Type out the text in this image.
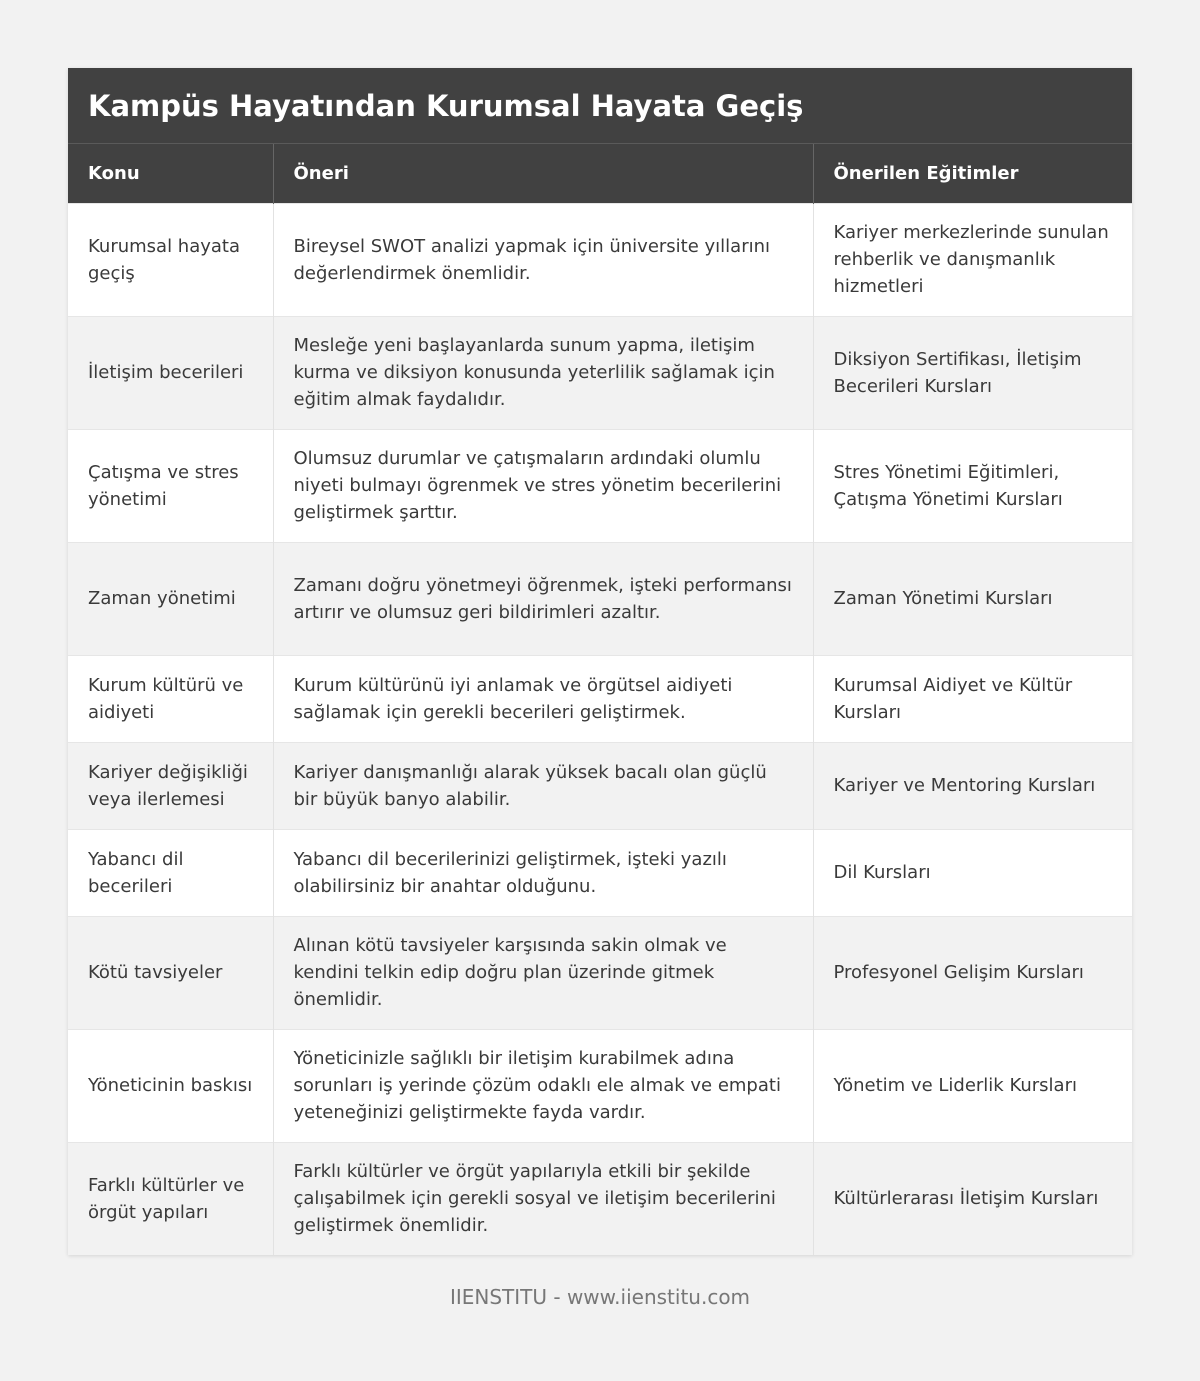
Kampüs Hayatından Kurumsal Hayata Geçiş
Konu	Öneri	Önerilen Eğitimler
Kurumsal hayata geçiş	Bireysel SWOT analizi yapmak için üniversite yıllarını değerlendirmek önemlidir.	Kariyer merkezlerinde sunulan rehberlik ve danışmanlık hizmetleri
İletişim becerileri	Mesleğe yeni başlayanlarda sunum yapma, iletişim kurma ve diksiyon konusunda yeterlilik sağlamak için eğitim almak faydalıdır.	Diksiyon Sertifikası, İletişim Becerileri Kursları
Çatışma ve stres yönetimi	Olumsuz durumlar ve çatışmaların ardındaki olumlu niyeti bulmayı ögrenmek ve stres yönetim becerilerini geliştirmek şarttır.	Stres Yönetimi Eğitimleri, Çatışma Yönetimi Kursları
Zaman yönetimi	Zamanı doğru yönetmeyi öğrenmek, işteki performansı artırır ve olumsuz geri bildirimleri azaltır.	Zaman Yönetimi Kursları
Kurum kültürü ve aidiyeti	Kurum kültürünü iyi anlamak ve örgütsel aidiyeti sağlamak için gerekli becerileri geliştirmek.	Kurumsal Aidiyet ve Kültür Kursları
Kariyer değişikliği veya ilerlemesi	Kariyer danışmanlığı alarak yüksek bacalı olan güçlü bir büyük banyo alabilir.	Kariyer ve Mentoring Kursları
Yabancı dil becerileri	Yabancı dil becerilerinizi geliştirmek, işteki yazılı olabilirsiniz bir anahtar olduğunu.	Dil Kursları
Kötü tavsiyeler	Alınan kötü tavsiyeler karşısında sakin olmak ve kendini telkin edip doğru plan üzerinde gitmek önemlidir.	Profesyonel Gelişim Kursları
Yöneticinin baskısı	Yöneticinizle sağlıklı bir iletişim kurabilmek adına sorunları iş yerinde çözüm odaklı ele almak ve empati yeteneğinizi geliştirmekte fayda vardır.	Yönetim ve Liderlik Kursları
Farklı kültürler ve örgüt yapıları	Farklı kültürler ve örgüt yapılarıyla etkili bir şekilde çalışabilmek için gerekli sosyal ve iletişim becerilerini geliştirmek önemlidir.	Kültürlerarası İletişim Kursları
IIENSTITU - www.iienstitu.com
